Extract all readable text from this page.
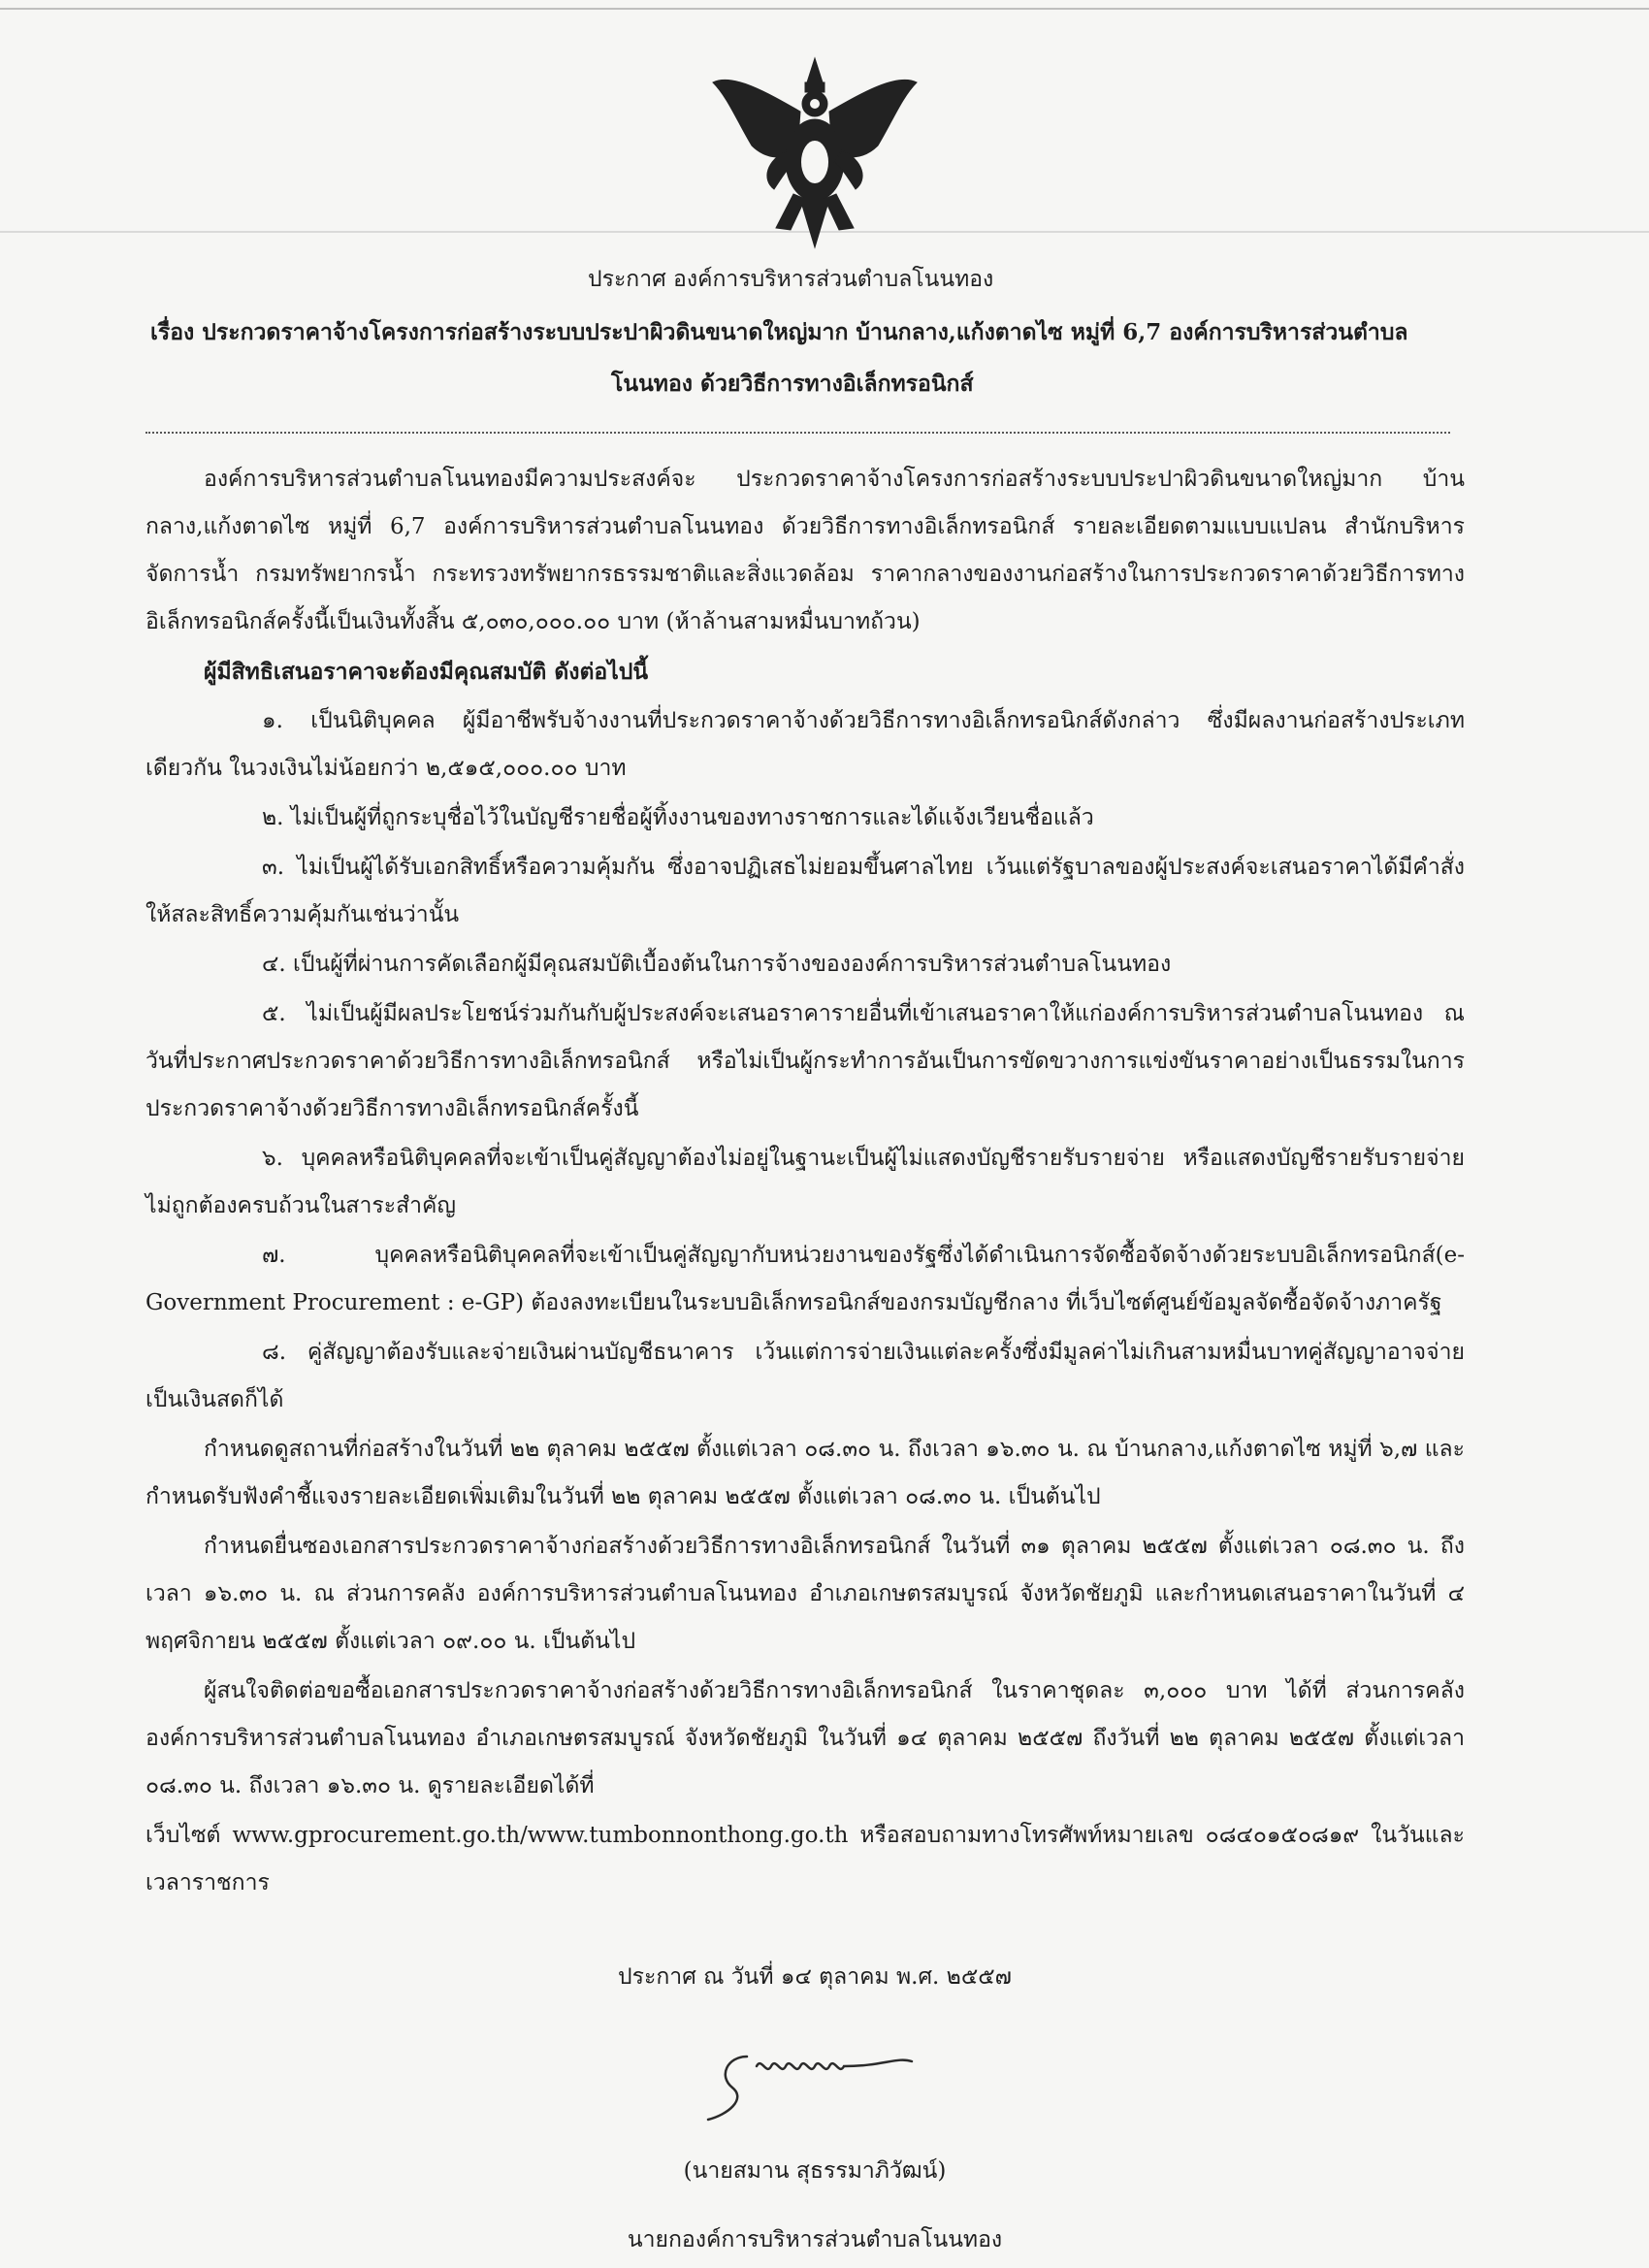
ประกาศ องค์การบริหารส่วนตำบลโนนทอง
เรื่อง ประกวดราคาจ้างโครงการก่อสร้างระบบประปาผิวดินขนาดใหญ่มาก บ้านกลาง,แก้งตาดไซ หมู่ที่ 6,7 องค์การบริหารส่วนตำบล
โนนทอง ด้วยวิธีการทางอิเล็กทรอนิกส์

องค์การบริหารส่วนตำบลโนนทองมีความประสงค์จะ ประกวดราคาจ้างโครงการก่อสร้างระบบประปาผิวดินขนาดใหญ่มาก บ้านกลาง,แก้งตาดไซ หมู่ที่ 6,7 องค์การบริหารส่วนตำบลโนนทอง ด้วยวิธีการทางอิเล็กทรอนิกส์ รายละเอียดตามแบบแปลน สำนักบริหารจัดการน้ำ กรมทรัพยากรน้ำ กระทรวงทรัพยากรธรรมชาติและสิ่งแวดล้อม ราคากลางของงานก่อสร้างในการประกวดราคาด้วยวิธีการทางอิเล็กทรอนิกส์ครั้งนี้เป็นเงินทั้งสิ้น ๕,๐๓๐,๐๐๐.๐๐ บาท (ห้าล้านสามหมื่นบาทถ้วน)

ผู้มีสิทธิเสนอราคาจะต้องมีคุณสมบัติ ดังต่อไปนี้

๑. เป็นนิติบุคคล ผู้มีอาชีพรับจ้างงานที่ประกวดราคาจ้างด้วยวิธีการทางอิเล็กทรอนิกส์ดังกล่าว ซึ่งมีผลงานก่อสร้างประเภทเดียวกัน ในวงเงินไม่น้อยกว่า ๒,๕๑๕,๐๐๐.๐๐ บาท

๒. ไม่เป็นผู้ที่ถูกระบุชื่อไว้ในบัญชีรายชื่อผู้ทิ้งงานของทางราชการและได้แจ้งเวียนชื่อแล้ว

๓. ไม่เป็นผู้ได้รับเอกสิทธิ์หรือความคุ้มกัน ซึ่งอาจปฏิเสธไม่ยอมขึ้นศาลไทย เว้นแต่รัฐบาลของผู้ประสงค์จะเสนอราคาได้มีคำสั่งให้สละสิทธิ์ความคุ้มกันเช่นว่านั้น

๔. เป็นผู้ที่ผ่านการคัดเลือกผู้มีคุณสมบัติเบื้องต้นในการจ้างขององค์การบริหารส่วนตำบลโนนทอง

๕. ไม่เป็นผู้มีผลประโยชน์ร่วมกันกับผู้ประสงค์จะเสนอราคารายอื่นที่เข้าเสนอราคาให้แก่องค์การบริหารส่วนตำบลโนนทอง ณ วันที่ประกาศประกวดราคาด้วยวิธีการทางอิเล็กทรอนิกส์ หรือไม่เป็นผู้กระทำการอันเป็นการขัดขวางการแข่งขันราคาอย่างเป็นธรรมในการประกวดราคาจ้างด้วยวิธีการทางอิเล็กทรอนิกส์ครั้งนี้

๖. บุคคลหรือนิติบุคคลที่จะเข้าเป็นคู่สัญญาต้องไม่อยู่ในฐานะเป็นผู้ไม่แสดงบัญชีรายรับรายจ่าย หรือแสดงบัญชีรายรับรายจ่ายไม่ถูกต้องครบถ้วนในสาระสำคัญ

๗. บุคคลหรือนิติบุคคลที่จะเข้าเป็นคู่สัญญากับหน่วยงานของรัฐซึ่งได้ดำเนินการจัดซื้อจัดจ้างด้วยระบบอิเล็กทรอนิกส์(e-Government Procurement : e-GP) ต้องลงทะเบียนในระบบอิเล็กทรอนิกส์ของกรมบัญชีกลาง ที่เว็บไซต์ศูนย์ข้อมูลจัดซื้อจัดจ้างภาครัฐ

๘. คู่สัญญาต้องรับและจ่ายเงินผ่านบัญชีธนาคาร เว้นแต่การจ่ายเงินแต่ละครั้งซึ่งมีมูลค่าไม่เกินสามหมื่นบาทคู่สัญญาอาจจ่ายเป็นเงินสดก็ได้

กำหนดดูสถานที่ก่อสร้างในวันที่ ๒๒ ตุลาคม ๒๕๕๗ ตั้งแต่เวลา ๐๘.๓๐ น. ถึงเวลา ๑๖.๓๐ น. ณ บ้านกลาง,แก้งตาดไซ หมู่ที่ ๖,๗ และกำหนดรับฟังคำชี้แจงรายละเอียดเพิ่มเติมในวันที่ ๒๒ ตุลาคม ๒๕๕๗ ตั้งแต่เวลา ๐๘.๓๐ น. เป็นต้นไป

กำหนดยื่นซองเอกสารประกวดราคาจ้างก่อสร้างด้วยวิธีการทางอิเล็กทรอนิกส์ ในวันที่ ๓๑ ตุลาคม ๒๕๕๗ ตั้งแต่เวลา ๐๘.๓๐ น. ถึงเวลา ๑๖.๓๐ น. ณ ส่วนการคลัง องค์การบริหารส่วนตำบลโนนทอง อำเภอเกษตรสมบูรณ์ จังหวัดชัยภูมิ และกำหนดเสนอราคาในวันที่ ๔ พฤศจิกายน ๒๕๕๗ ตั้งแต่เวลา ๐๙.๐๐ น. เป็นต้นไป

ผู้สนใจติดต่อขอซื้อเอกสารประกวดราคาจ้างก่อสร้างด้วยวิธีการทางอิเล็กทรอนิกส์ ในราคาชุดละ ๓,๐๐๐ บาท ได้ที่ ส่วนการคลัง องค์การบริหารส่วนตำบลโนนทอง อำเภอเกษตรสมบูรณ์ จังหวัดชัยภูมิ ในวันที่ ๑๔ ตุลาคม ๒๕๕๗ ถึงวันที่ ๒๒ ตุลาคม ๒๕๕๗ ตั้งแต่เวลา ๐๘.๓๐ น. ถึงเวลา ๑๖.๓๐ น. ดูรายละเอียดได้ที่

เว็บไซต์ www.gprocurement.go.th/www.tumbonnonthong.go.th หรือสอบถามทางโทรศัพท์หมายเลข ๐๘๔๐๑๕๐๘๑๙ ในวันและเวลาราชการ

ประกาศ ณ วันที่ ๑๔ ตุลาคม พ.ศ. ๒๕๕๗
(นายสมาน สุธรรมาภิวัฒน์)
นายกองค์การบริหารส่วนตำบลโนนทอง
